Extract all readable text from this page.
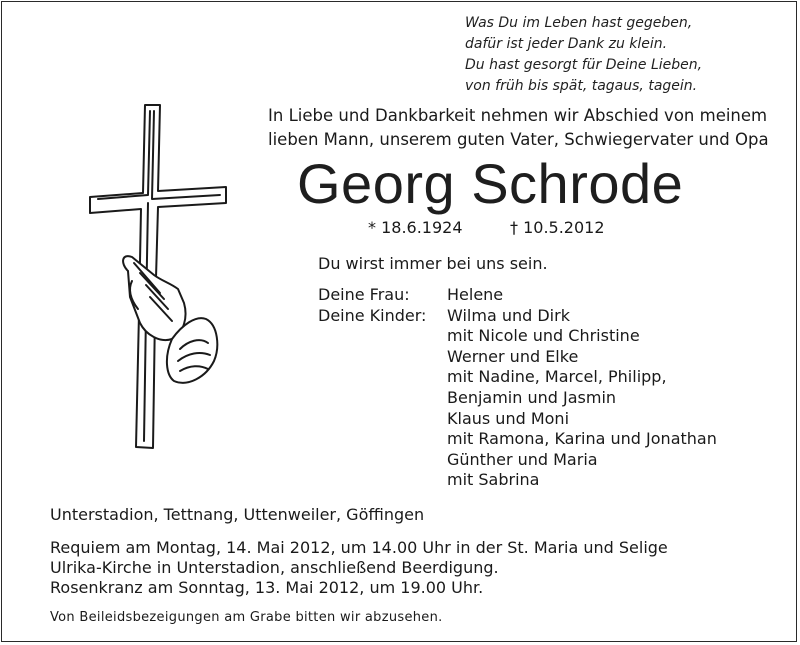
Was Du im Leben hast gegeben,
dafür ist jeder Dank zu klein.
Du hast gesorgt für Deine Lieben,
von früh bis spät, tagaus, tagein.
In Liebe und Dankbarkeit nehmen wir Abschied von meinem
lieben Mann, unserem guten Vater, Schwiegervater und Opa
Georg Schrode
* 18.6.1924	† 10.5.2012
Du wirst immer bei uns sein.
Deine Frau: Helene
Deine Kinder: Wilma und Dirk
mit Nicole und Christine
Werner und Elke
mit Nadine, Marcel, Philipp,
Benjamin und Jasmin
Klaus und Moni
mit Ramona, Karina und Jonathan
Günther und Maria
mit Sabrina
Unterstadion, Tettnang, Uttenweiler, Göffingen
Requiem am Montag, 14. Mai 2012, um 14.00 Uhr in der St. Maria und Selige
Ulrika-Kirche in Unterstadion, anschließend Beerdigung.
Rosenkranz am Sonntag, 13. Mai 2012, um 19.00 Uhr.
Von Beileidsbezeigungen am Grabe bitten wir abzusehen.
